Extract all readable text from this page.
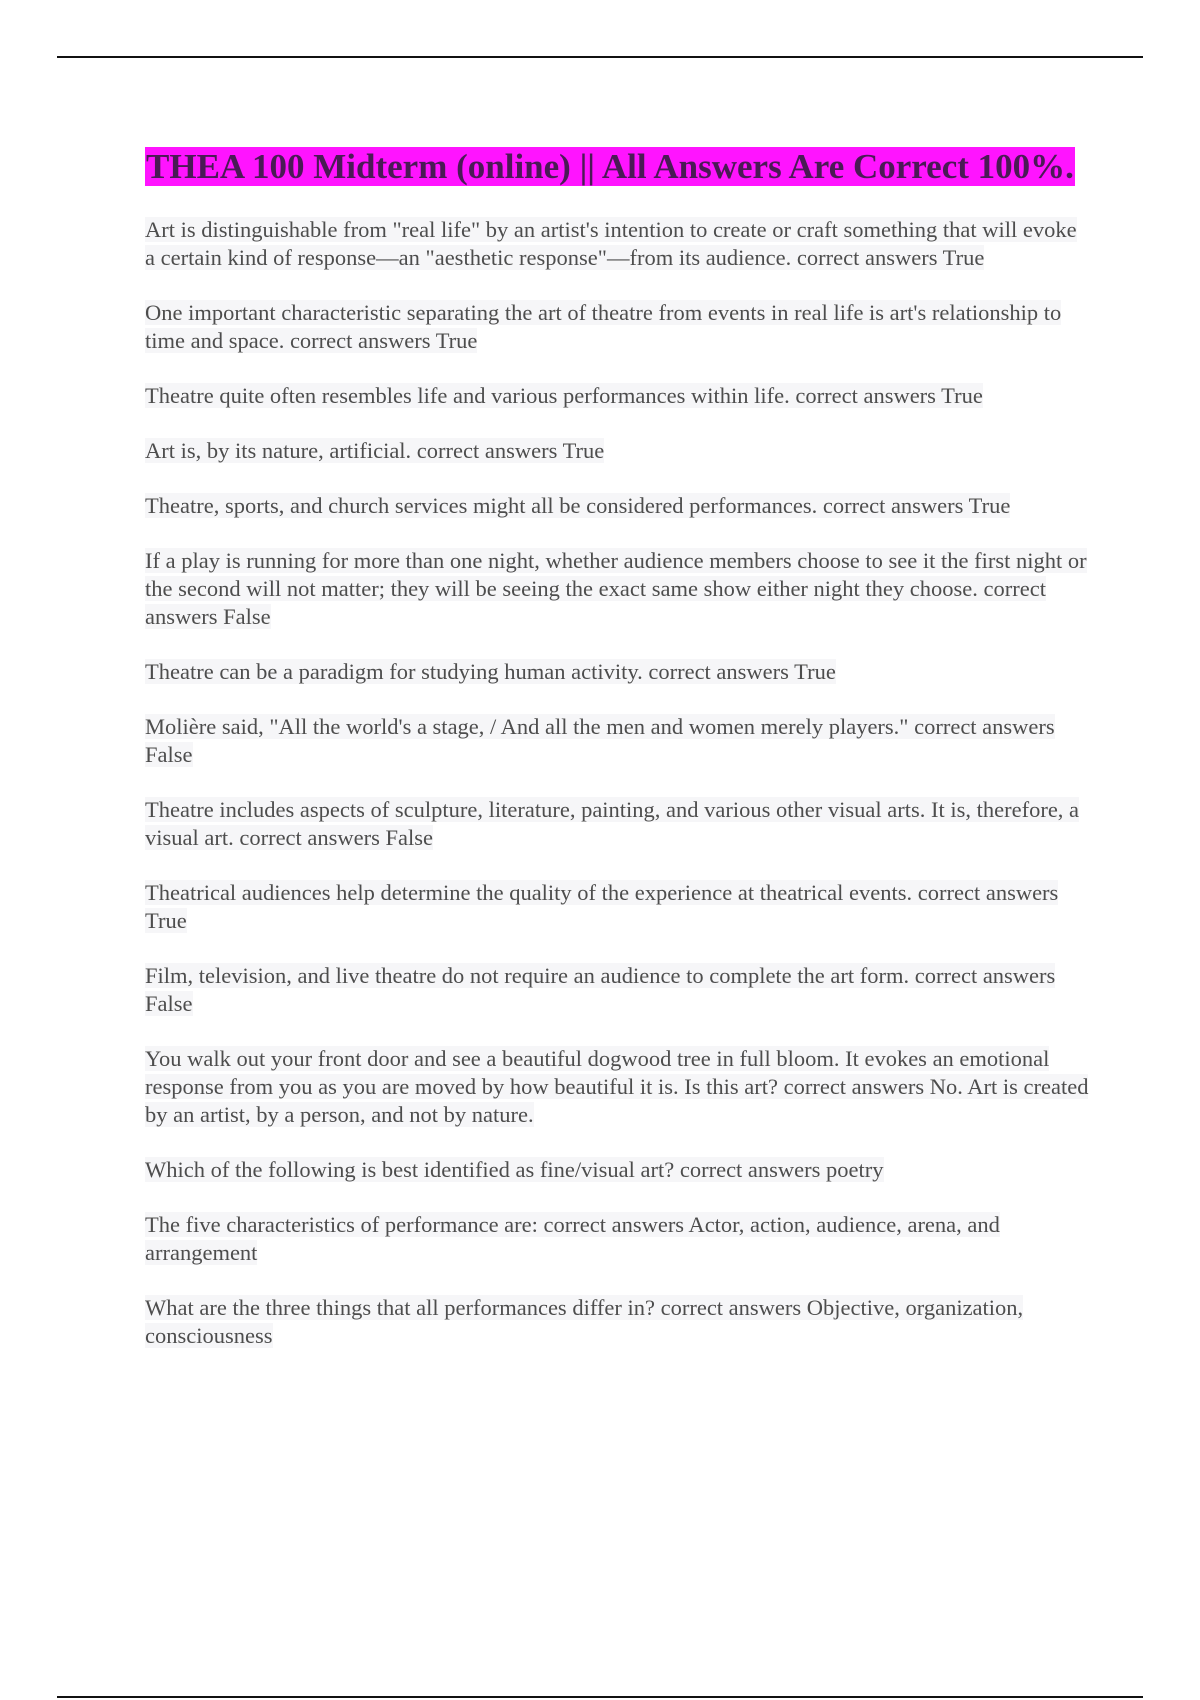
THEA 100 Midterm (online) || All Answers Are Correct 100%.

Art is distinguishable from "real life" by an artist's intention to create or craft something that will evoke a certain kind of response—an "aesthetic response"—from its audience. correct answers True

One important characteristic separating the art of theatre from events in real life is art's relationship to time and space. correct answers True

Theatre quite often resembles life and various performances within life. correct answers True

Art is, by its nature, artificial. correct answers True

Theatre, sports, and church services might all be considered performances. correct answers True

If a play is running for more than one night, whether audience members choose to see it the first night or the second will not matter; they will be seeing the exact same show either night they choose. correct answers False

Theatre can be a paradigm for studying human activity. correct answers True

Molière said, "All the world's a stage, / And all the men and women merely players." correct answers False

Theatre includes aspects of sculpture, literature, painting, and various other visual arts. It is, therefore, a visual art. correct answers False

Theatrical audiences help determine the quality of the experience at theatrical events. correct answers True

Film, television, and live theatre do not require an audience to complete the art form. correct answers False

You walk out your front door and see a beautiful dogwood tree in full bloom. It evokes an emotional response from you as you are moved by how beautiful it is. Is this art? correct answers No. Art is created by an artist, by a person, and not by nature.

Which of the following is best identified as fine/visual art? correct answers poetry

The five characteristics of performance are: correct answers Actor, action, audience, arena, and arrangement

What are the three things that all performances differ in? correct answers Objective, organization, consciousness
